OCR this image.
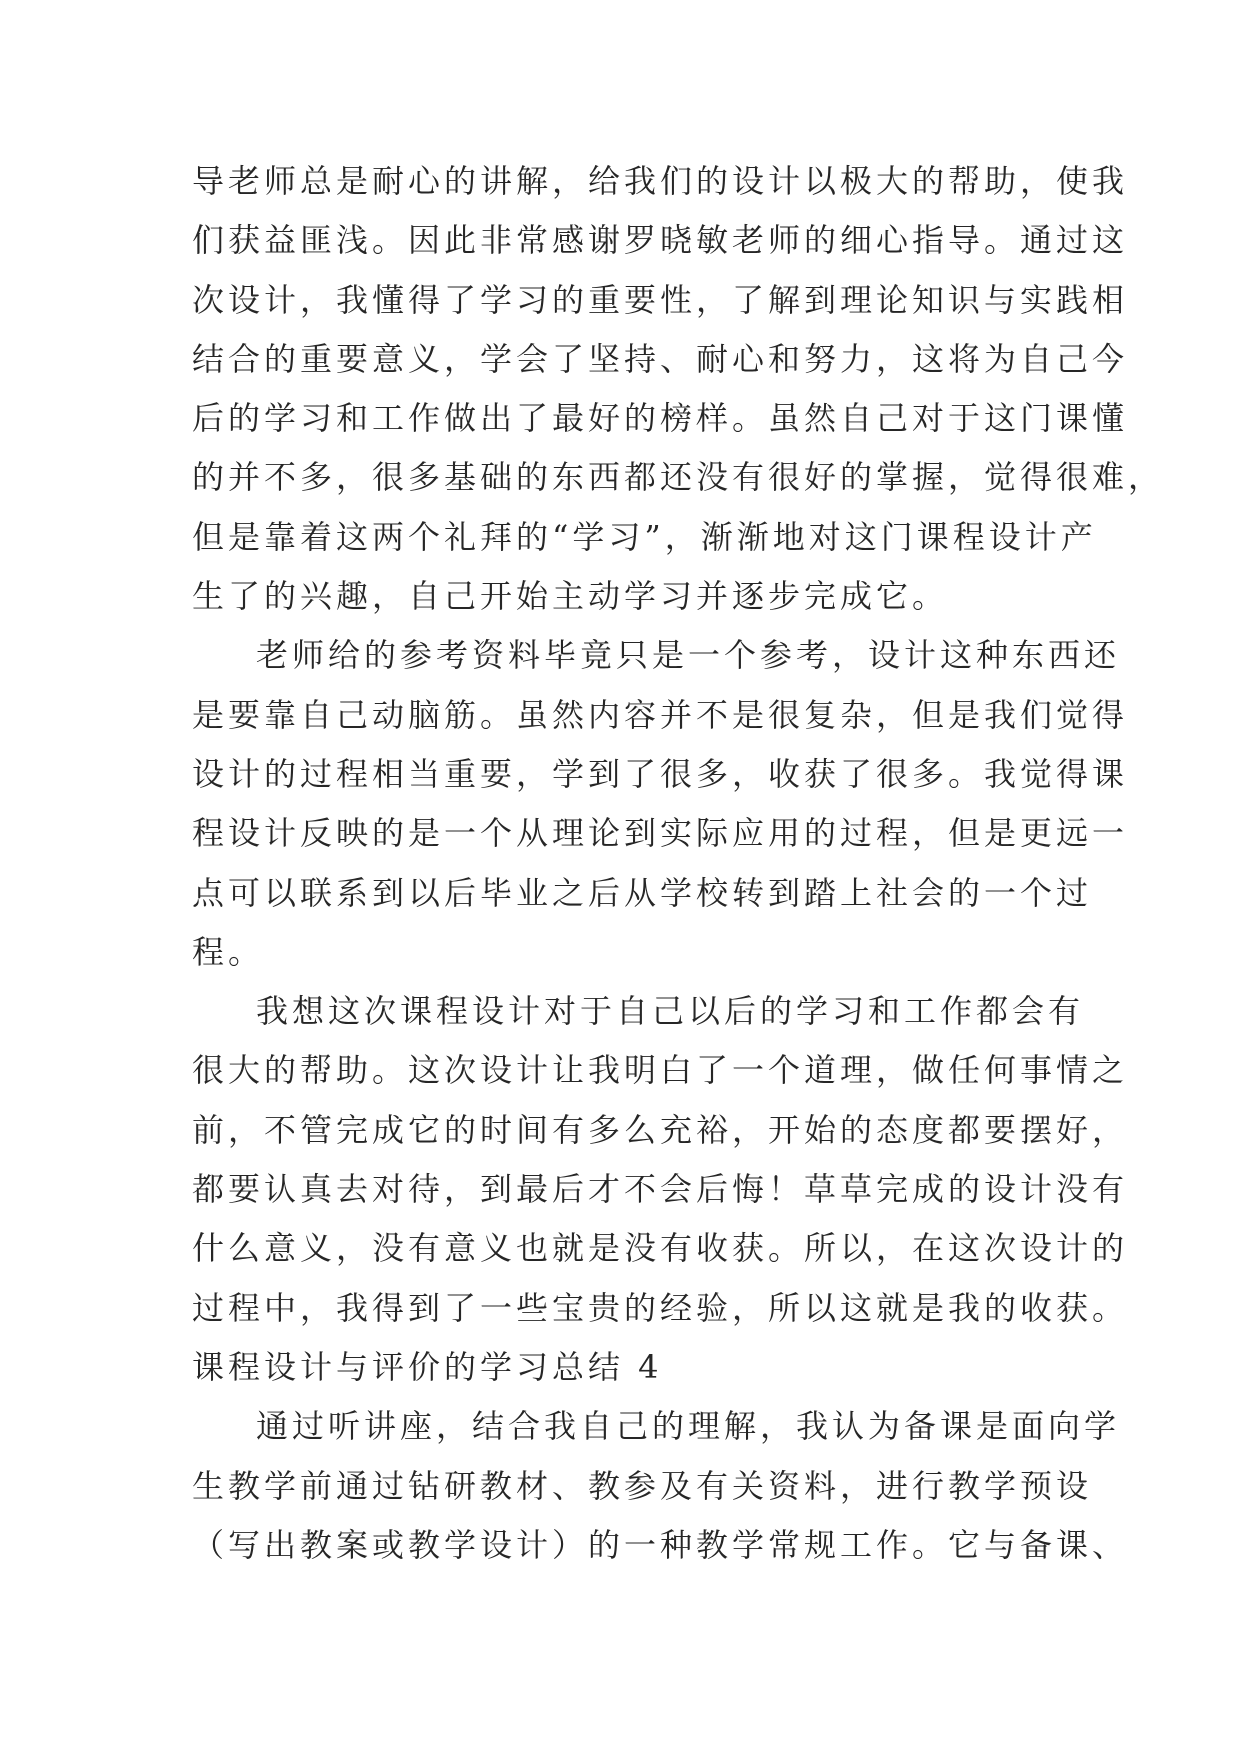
导老师总是耐心的讲解，给我们的设计以极大的帮助，使我
们获益匪浅。因此非常感谢罗晓敏老师的细心指导。通过这
次设计，我懂得了学习的重要性，了解到理论知识与实践相
结合的重要意义，学会了坚持、耐心和努力，这将为自己今
后的学习和工作做出了最好的榜样。虽然自己对于这门课懂
的并不多，很多基础的东西都还没有很好的掌握，觉得很难，
但是靠着这两个礼拜的“学习”，渐渐地对这门课程设计产
生了的兴趣，自己开始主动学习并逐步完成它。
老师给的参考资料毕竟只是一个参考，设计这种东西还
是要靠自己动脑筋。虽然内容并不是很复杂，但是我们觉得
设计的过程相当重要，学到了很多，收获了很多。我觉得课
程设计反映的是一个从理论到实际应用的过程，但是更远一
点可以联系到以后毕业之后从学校转到踏上社会的一个过
程。
我想这次课程设计对于自己以后的学习和工作都会有
很大的帮助。这次设计让我明白了一个道理，做任何事情之
前，不管完成它的时间有多么充裕，开始的态度都要摆好，
都要认真去对待，到最后才不会后悔！草草完成的设计没有
什么意义，没有意义也就是没有收获。所以，在这次设计的
过程中，我得到了一些宝贵的经验，所以这就是我的收获。
课程设计与评价的学习总结 4
通过听讲座，结合我自己的理解，我认为备课是面向学
生教学前通过钻研教材、教参及有关资料，进行教学预设
（写出教案或教学设计）的一种教学常规工作。它与备课、
